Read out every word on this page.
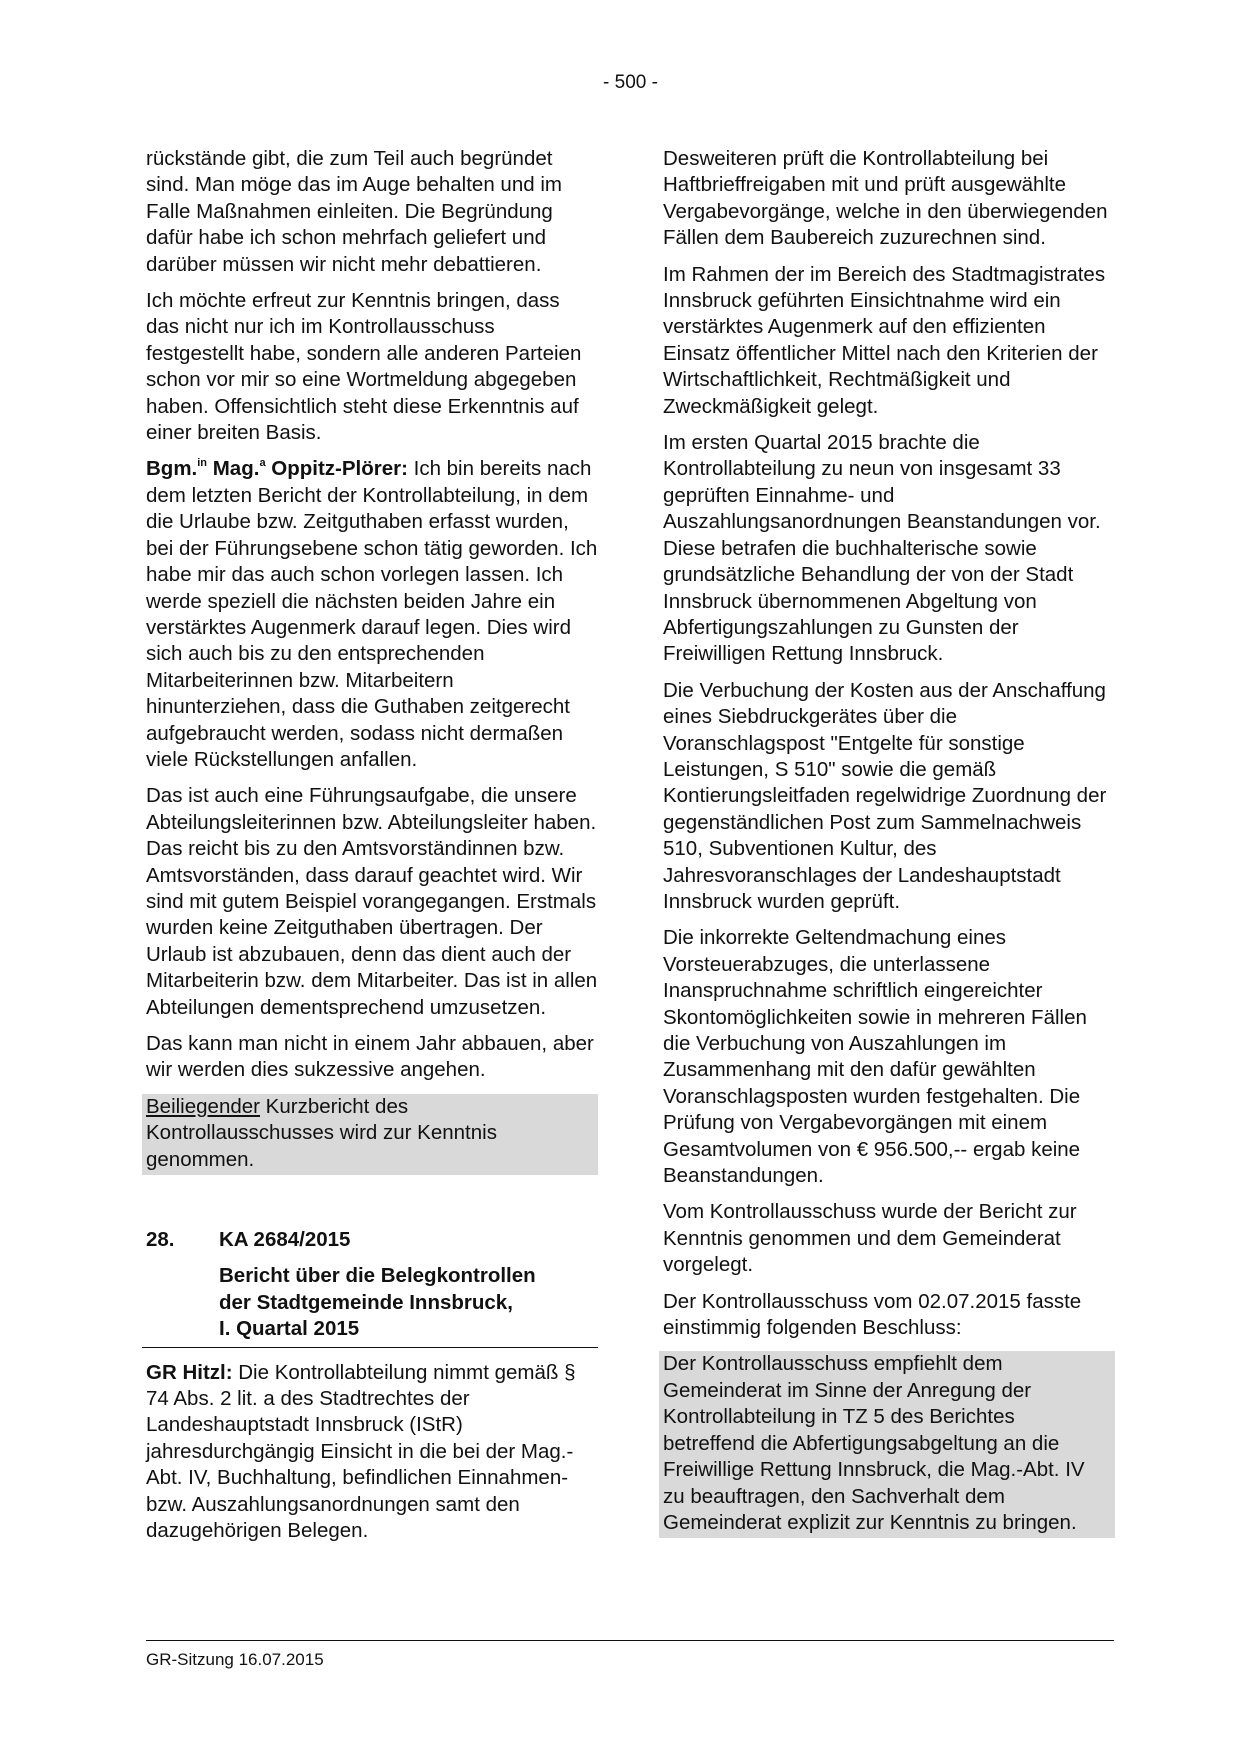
- 500 -

rückstände gibt, die zum Teil auch begründet sind. Man möge das im Auge behalten und im Falle Maßnahmen einleiten. Die Begründung dafür habe ich schon mehrfach geliefert und darüber müssen wir nicht mehr debattieren.

Ich möchte erfreut zur Kenntnis bringen, dass das nicht nur ich im Kontrollausschuss festgestellt habe, sondern alle anderen Parteien schon vor mir so eine Wortmeldung abgegeben haben. Offensichtlich steht diese Erkenntnis auf einer breiten Basis.

Bgm.$^{in}$ Mag.$^a$ Oppitz-Plörer: Ich bin bereits nach dem letzten Bericht der Kontrollabteilung, in dem die Urlaube bzw. Zeitguthaben erfasst wurden, bei der Führungsebene schon tätig geworden. Ich habe mir das auch schon vorlegen lassen. Ich werde speziell die nächsten beiden Jahre ein verstärktes Augenmerk darauf legen. Dies wird sich auch bis zu den entsprechenden Mitarbeiterinnen bzw. Mitarbeitern hinunterziehen, dass die Guthaben zeitgerecht aufgebraucht werden, sodass nicht dermaßen viele Rückstellungen anfallen.

Das ist auch eine Führungsaufgabe, die unsere Abteilungsleiterinnen bzw. Abteilungsleiter haben. Das reicht bis zu den Amtsvorständinnen bzw. Amtsvorständen, dass darauf geachtet wird. Wir sind mit gutem Beispiel vorangegangen. Erstmals wurden keine Zeitguthaben übertragen. Der Urlaub ist abzubauen, denn das dient auch der Mitarbeiterin bzw. dem Mitarbeiter. Das ist in allen Abteilungen dementsprechend umzusetzen.

Das kann man nicht in einem Jahr abbauen, aber wir werden dies sukzessive angehen.

Beiliegender Kurzbericht des Kontrollausschusses wird zur Kenntnis genommen.

28.	KA 2684/2015
Bericht über die Belegkontrollen
der Stadtgemeinde Innsbruck,
I. Quartal 2015

GR Hitzl: Die Kontrollabteilung nimmt gemäß § 74 Abs. 2 lit. a des Stadtrechtes der Landeshauptstadt Innsbruck (IStR) jahresdurchgängig Einsicht in die bei der Mag.-Abt. IV, Buchhaltung, befindlichen Einnahmen- bzw. Auszahlungsanordnungen samt den dazugehörigen Belegen.

Desweiteren prüft die Kontrollabteilung bei Haftbrieffreigaben mit und prüft ausgewählte Vergabevorgänge, welche in den überwiegenden Fällen dem Baubereich zuzurechnen sind.

Im Rahmen der im Bereich des Stadtmagistrates Innsbruck geführten Einsichtnahme wird ein verstärktes Augenmerk auf den effizienten Einsatz öffentlicher Mittel nach den Kriterien der Wirtschaftlichkeit, Rechtmäßigkeit und Zweckmäßigkeit gelegt.

Im ersten Quartal 2015 brachte die Kontrollabteilung zu neun von insgesamt 33 geprüften Einnahme- und Auszahlungsanordnungen Beanstandungen vor. Diese betrafen die buchhalterische sowie grundsätzliche Behandlung der von der Stadt Innsbruck übernommenen Abgeltung von Abfertigungszahlungen zu Gunsten der Freiwilligen Rettung Innsbruck.

Die Verbuchung der Kosten aus der Anschaffung eines Siebdruckgerätes über die Voranschlagspost "Entgelte für sonstige Leistungen, S 510" sowie die gemäß Kontierungsleitfaden regelwidrige Zuordnung der gegenständlichen Post zum Sammelnachweis 510, Subventionen Kultur, des Jahresvoranschlages der Landeshauptstadt Innsbruck wurden geprüft.

Die inkorrekte Geltendmachung eines Vorsteuerabzuges, die unterlassene Inanspruchnahme schriftlich eingereichter Skontomöglichkeiten sowie in mehreren Fällen die Verbuchung von Auszahlungen im Zusammenhang mit den dafür gewählten Voranschlagsposten wurden festgehalten. Die Prüfung von Vergabevorgängen mit einem Gesamtvolumen von € 956.500,-- ergab keine Beanstandungen.

Vom Kontrollausschuss wurde der Bericht zur Kenntnis genommen und dem Gemeinderat vorgelegt.

Der Kontrollausschuss vom 02.07.2015 fasste einstimmig folgenden Beschluss:

Der Kontrollausschuss empfiehlt dem Gemeinderat im Sinne der Anregung der Kontrollabteilung in TZ 5 des Berichtes betreffend die Abfertigungsabgeltung an die Freiwillige Rettung Innsbruck, die Mag.-Abt. IV zu beauftragen, den Sachverhalt dem Gemeinderat explizit zur Kenntnis zu bringen.

GR-Sitzung 16.07.2015
